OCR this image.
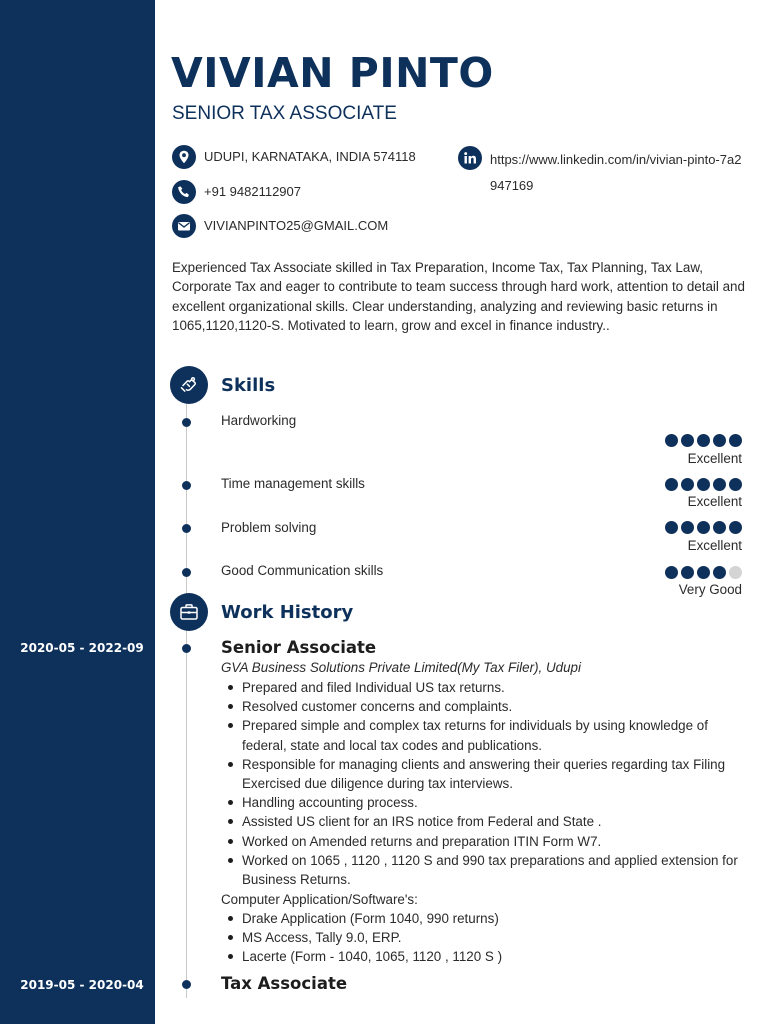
VIVIAN PINTO
SENIOR TAX ASSOCIATE
UDUPI, KARNATAKA, INDIA 574118
+91 9482112907
VIVIANPINTO25@GMAIL.COM
https://www.linkedin.com/in/vivian-pinto-7a2947169

Experienced Tax Associate skilled in Tax Preparation, Income Tax, Tax Planning, Tax Law, Corporate Tax and eager to contribute to team success through hard work, attention to detail and excellent organizational skills. Clear understanding, analyzing and reviewing basic returns in 1065,1120,1120-S. Motivated to learn, grow and excel in finance industry..

Skills
Hardworking
Excellent
Time management skills
Excellent
Problem solving
Excellent
Good Communication skills
Very Good
Work History
2020-05 - 2022-09	Senior Associate
GVA Business Solutions Private Limited(My Tax Filer), Udupi
Prepared and filed Individual US tax returns.
Resolved customer concerns and complaints.
Prepared simple and complex tax returns for individuals by using knowledge of federal, state and local tax codes and publications.
Responsible for managing clients and answering their queries regarding tax Filing Exercised due diligence during tax interviews.
Handling accounting process.
Assisted US client for an IRS notice from Federal and State .
Worked on Amended returns and preparation ITIN Form W7.
Worked on 1065 , 1120 , 1120 S and 990 tax preparations and applied extension for Business Returns.
Computer Application/Software's:
Drake Application (Form 1040, 990 returns)
MS Access, Tally 9.0, ERP.
Lacerte (Form - 1040, 1065, 1120 , 1120 S )
2019-05 - 2020-04	Tax Associate
